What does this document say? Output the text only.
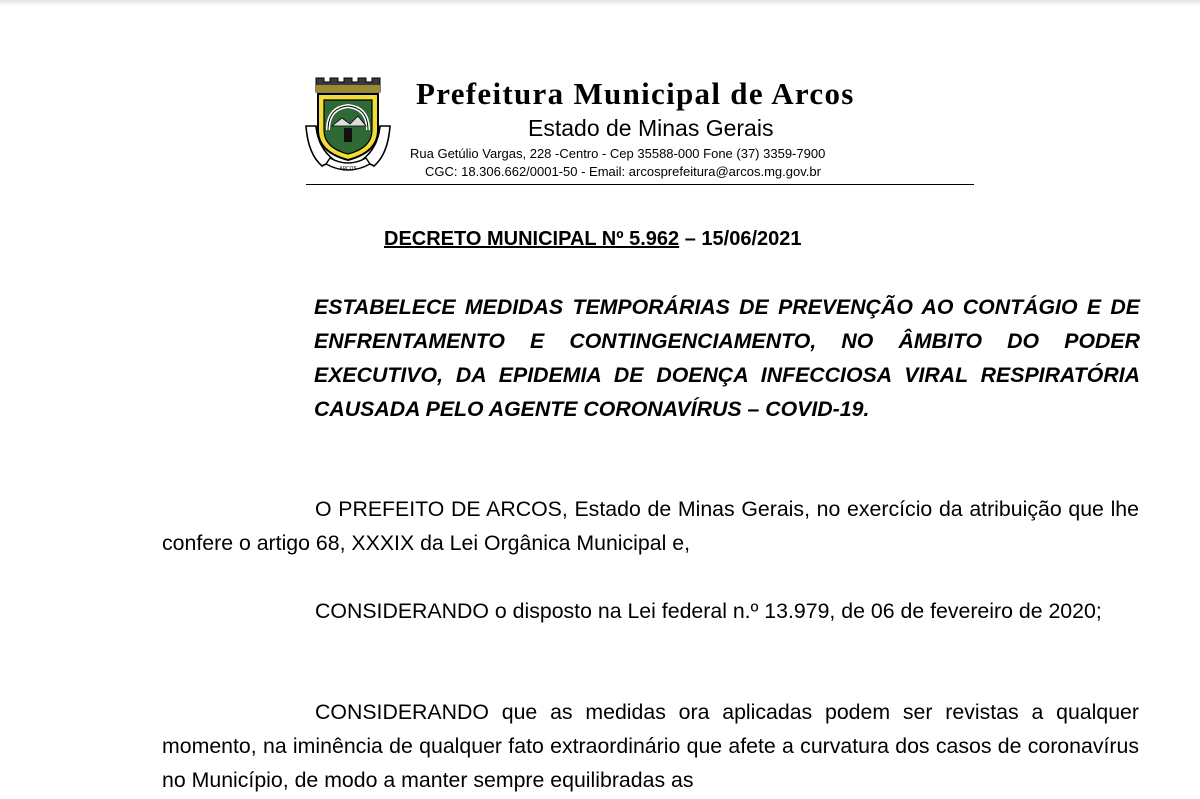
ARCOS
Prefeitura Municipal de Arcos
Estado de Minas Gerais
Rua Getúlio Vargas, 228 -Centro - Cep 35588-000 Fone (37) 3359-7900
CGC: 18.306.662/0001-50 - Email: arcosprefeitura@arcos.mg.gov.br
DECRETO MUNICIPAL Nº 5.962 – 15/06/2021
ESTABELECE MEDIDAS TEMPORÁRIAS DE PREVENÇÃO AO CONTÁGIO E DE ENFRENTAMENTO E CONTINGENCIAMENTO, NO ÂMBITO DO PODER EXECUTIVO, DA EPIDEMIA DE DOENÇA INFECCIOSA VIRAL RESPIRATÓRIA CAUSADA PELO AGENTE CORONAVÍRUS – COVID-19.
O PREFEITO DE ARCOS, Estado de Minas Gerais, no exercício da atribuição que lhe confere o artigo 68, XXXIX da Lei Orgânica Municipal e,
CONSIDERANDO o disposto na Lei federal n.º 13.979, de 06 de fevereiro de 2020;
CONSIDERANDO que as medidas ora aplicadas podem ser revistas a qualquer momento, na iminência de qualquer fato extraordinário que afete a curvatura dos casos de coronavírus no Município, de modo a manter sempre equilibradas as
